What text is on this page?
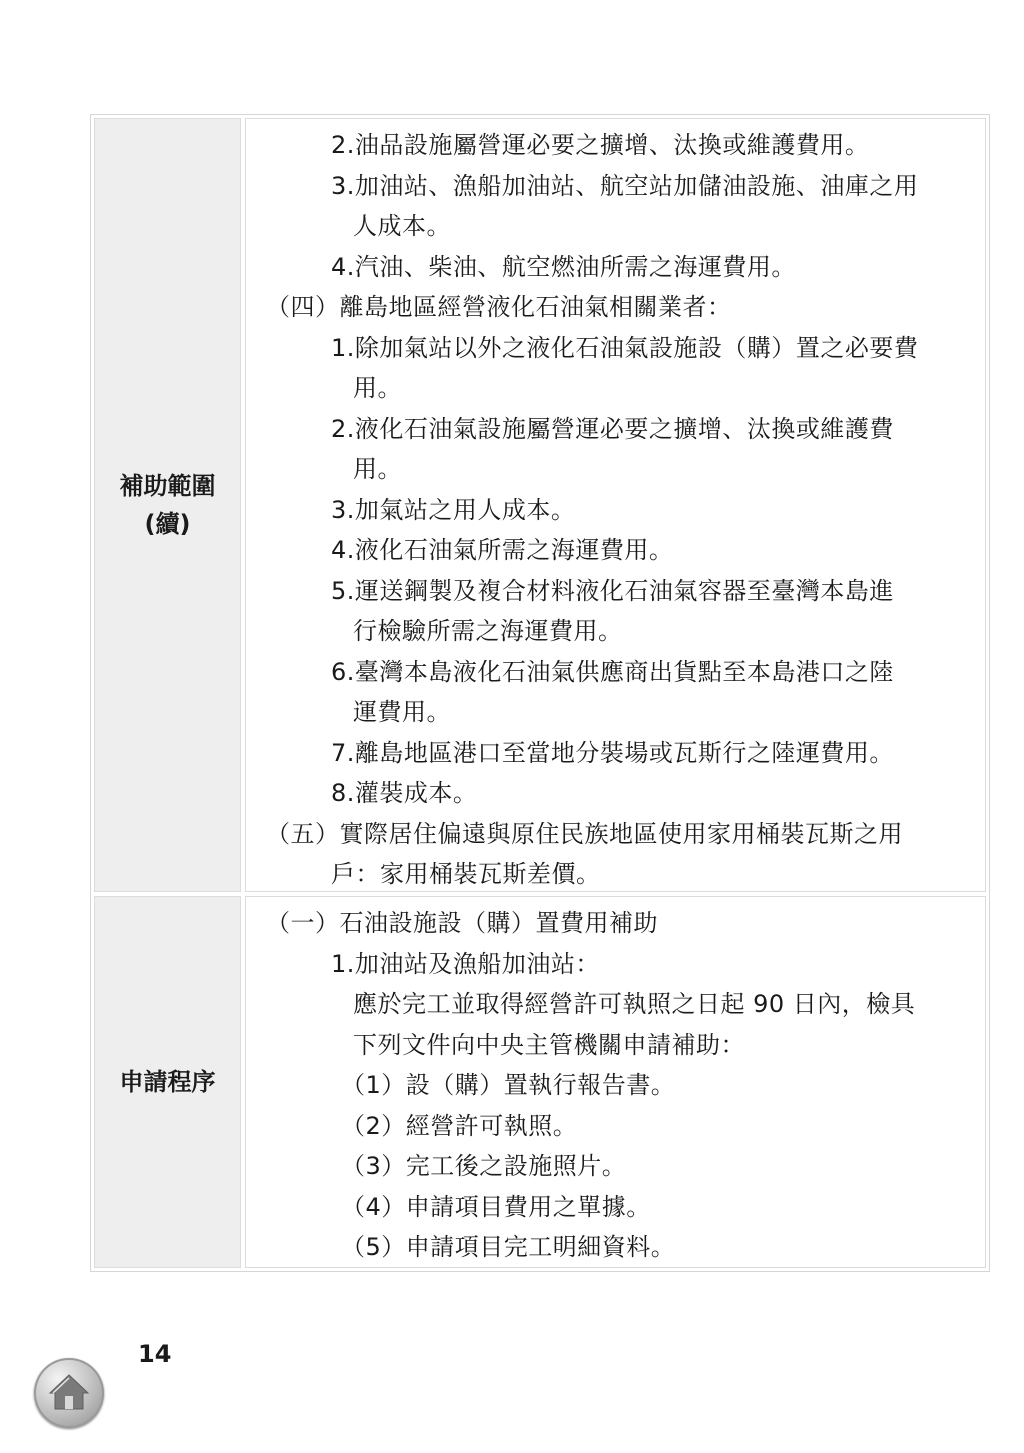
補助範圍
(續)
2.油品設施屬營運必要之擴增、汰換或維護費用。
3.加油站、漁船加油站、航空站加儲油設施、油庫之用
人成本。
4.汽油、柴油、航空燃油所需之海運費用。
（四）離島地區經營液化石油氣相關業者：
1.除加氣站以外之液化石油氣設施設（購）置之必要費
用。
2.液化石油氣設施屬營運必要之擴增、汰換或維護費
用。
3.加氣站之用人成本。
4.液化石油氣所需之海運費用。
5.運送鋼製及複合材料液化石油氣容器至臺灣本島進
行檢驗所需之海運費用。
6.臺灣本島液化石油氣供應商出貨點至本島港口之陸
運費用。
7.離島地區港口至當地分裝場或瓦斯行之陸運費用。
8.灌裝成本。
（五）實際居住偏遠與原住民族地區使用家用桶裝瓦斯之用
戶：家用桶裝瓦斯差價。
申請程序
（一）石油設施設（購）置費用補助
1.加油站及漁船加油站：
應於完工並取得經營許可執照之日起 90 日內，檢具
下列文件向中央主管機關申請補助：
（1）設（購）置執行報告書。
（2）經營許可執照。
（3）完工後之設施照片。
（4）申請項目費用之單據。
（5）申請項目完工明細資料。
14
